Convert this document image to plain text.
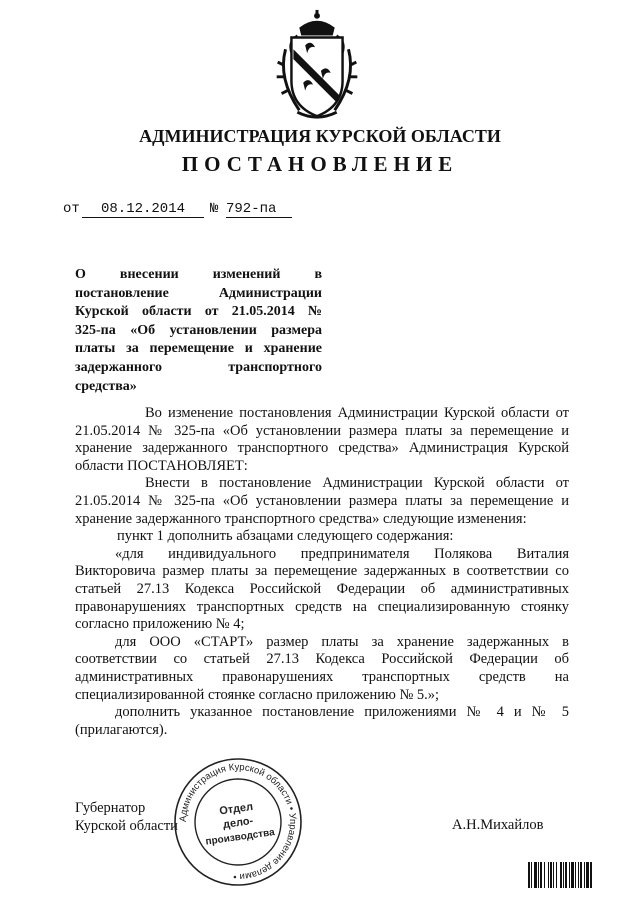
АДМИНИСТРАЦИЯ КУРСКОЙ ОБЛАСТИ
ПОСТАНОВЛЕНИЕ
от	08.12.2014	№ 792-па
О внесении изменений в
постановление Администрации
Курской области от 21.05.2014 №
325-па «Об установлении размера
платы за перемещение и хранение
задержанного транспортного
средства»
Во изменение постановления Администрации Курской области от
21.05.2014 № 325-па «Об установлении размера платы за перемещение и
хранение задержанного транспортного средства» Администрация Курской
области ПОСТАНОВЛЯЕТ:
Внести в постановление Администрации Курской области от
21.05.2014 № 325-па «Об установлении размера платы за перемещение и
хранение задержанного транспортного средства» следующие изменения:
пункт 1 дополнить абзацами следующего содержания:
«для индивидуального предпринимателя Полякова Виталия
Викторовича размер платы за перемещение задержанных в соответствии со
статьей 27.13 Кодекса Российской Федерации об административных
правонарушениях транспортных средств на специализированную стоянку
согласно приложению № 4;
для ООО «СТАРТ» размер платы за хранение задержанных в
соответствии со статьей 27.13 Кодекса Российской Федерации об
административных правонарушениях транспортных средств на
специализированной стоянке согласно приложению № 5.»;
дополнить указанное постановление приложениями № 4 и № 5
(прилагаются).
Губернатор
Курской области	А.Н.Михайлов
Администрация Курской области • Управление делами •
Отдел
дело-
производства
